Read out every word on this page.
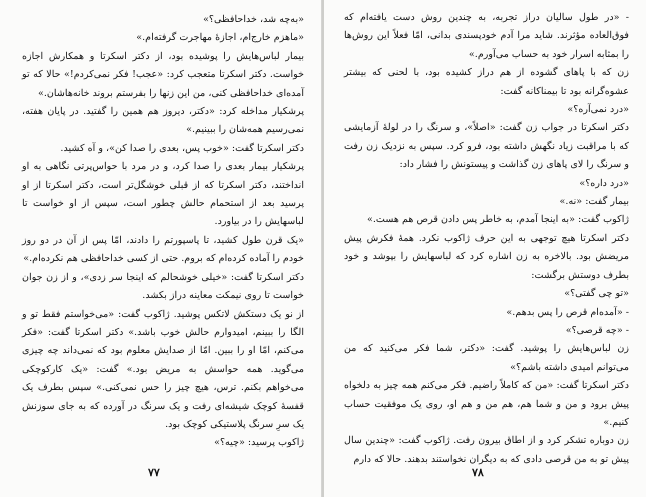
«به‌چه شد، خداحافظی؟»

«ماهزم خارج‌ام، اجازهٔ مهاجرت گرفته‌ام.»

بیمار لباس‌هایش را پوشیده بود، از دکتر اسکرتا و همکارش اجازه خواست. دکتر اسکرتا متعجب کرد: «عجب! فکر نمی‌کردم!» حالا که تو آمده‌ای خداحافظی کنی، من این زنها را بفرستم بروند خانه‌هاشان.»

پرشکیار مداخله کرد: «دکتر، دیروز هم همین را گفتید. در پایان هفته، نمی‌رسیم همه‌شان را ببینیم.»

دکتر اسکرتا گفت: «خوب پس، بعدی را صدا کن»، و آه کشید.

پرشکیار بیمار بعدی را صدا کرد، و در مرد با حواس‌پرتی نگاهی به او انداختند، دکتر اسکرتا که از قبلی خوشگل‌تر است، دکتر اسکرتا از او پرسید بعد از استحمام حالش چطور است، سپس از او خواست تا لباسهایش را در بیاورد.

«یک قرن طول کشید، تا پاسپورتم را دادند، امّا پس از آن در دو روز خودم را آماده کرده‌ام که بروم. حتی از کسی خداحافظی هم نکرده‌ام.»

دکتر اسکرتا گفت: «خیلی خوشحالم که اینجا سر زدی»، و از زن جوان خواست تا روی نیمکت معاینه دراز بکشد.

از نو یک دستکش لاتکس پوشید. ژاکوب گفت: «می‌خواستم فقط تو و الگا را ببینم، امیدوارم حالش خوب باشد.» دکتر اسکرتا گفت: «فکر می‌کنم، امّا او را ببین. امّا از صدایش معلوم بود که نمی‌داند چه چیزی می‌گوید. همه حواسش به مریض بود.» گفت: «یک کارکوچکی می‌خواهم بکنم. ترس، هیچ چیز را حس نمی‌کنی.» سپس بطرف یک قفسهٔ کوچک شیشه‌ای رفت و یک سرنگ در آورده که به جای سوزنش یک سرِ سرنگ پلاستیکی کوچک بود.

ژاکوب پرسید: «چیه؟»

۷۷

- «در طول سالیان دراز تجربه، به چندین روش دست یافته‌ام که فوق‌العاده مؤثرند. شاید مرا آدم خودپسندی بدانی، امّا فعلاً این روش‌ها را بمثابه اسرار خود به حساب می‌آورم.»

زن که با پاهای گشوده از هم دراز کشیده بود، با لحنی که بیشتر عشوه‌گرانه بود تا بیمناکانه گفت:

«درد نمی‌آره؟»

دکتر اسکرتا در جواب زن گفت: «اصلاً»، و سرنگ را در لولهٔ آزمایشی که با مراقبت زیاد نگهش داشته بود، فرو کرد. سپس به نزدیک زن رفت و سرنگ را لای پاهای زن گذاشت و پیستونش را فشار داد:

«درد داره؟»

بیمار گفت: «نه.»

ژاکوب گفت: «به اینجا آمدم، به خاطر پس دادن قرص هم هست.»

دکتر اسکرتا هیچ توجهی به این حرف ژاکوب نکرد. همهٔ فکرش پیش مریضش بود. بالاخره به زن اشاره کرد که لباسهایش را بپوشد و خود بطرف دوستش برگشت:

«تو چی گفتی؟»

- «آمده‌ام قرص را پس بدهم.»

- «چه قرصی؟»

زن لباس‌هایش را پوشید. گفت: «دکتر، شما فکر می‌کنید که من می‌توانم امیدی داشته باشم؟»

دکتر اسکرتا گفت: «من که کاملاً راضیم. فکر می‌کنم همه چیز به دلخواه پیش برود و من و شما هم، هم من و هم او، روی یک موفقیت حساب کنیم.»

زن دوباره تشکر کرد و از اطاق بیرون رفت. ژاکوب گفت: «چندین سال پیش تو به من قرصی دادی که به دیگران نخواستند بدهند. حالا که دارم

۷۸
